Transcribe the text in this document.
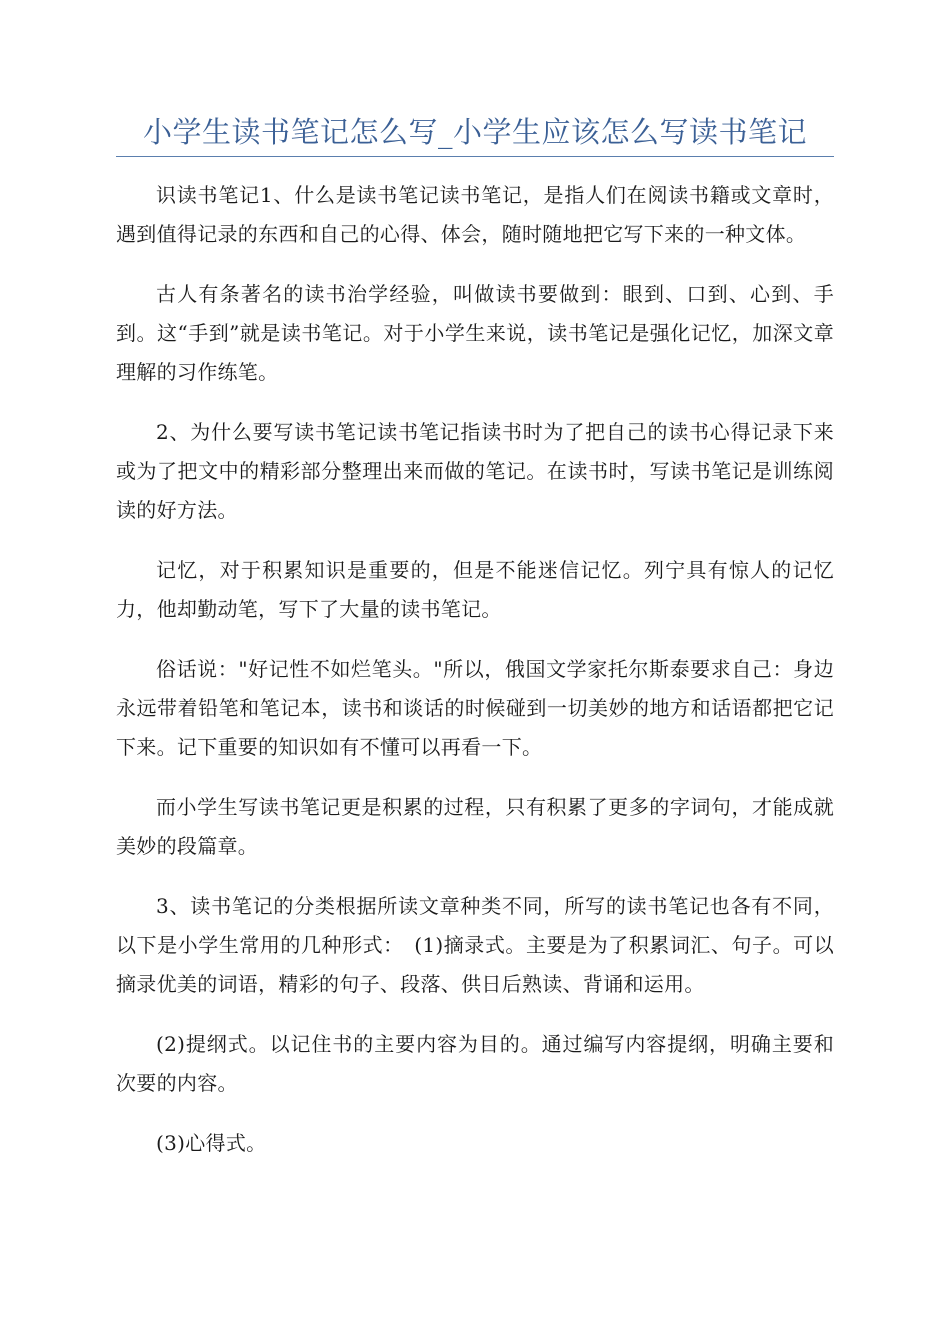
小学生读书笔记怎么写_小学生应该怎么写读书笔记

识读书笔记1、什么是读书笔记读书笔记，是指人们在阅读书籍或文章时，遇到值得记录的东西和自己的心得、体会，随时随地把它写下来的一种文体。

古人有条著名的读书治学经验，叫做读书要做到：眼到、口到、心到、手到。这“手到”就是读书笔记。对于小学生来说，读书笔记是强化记忆，加深文章理解的习作练笔。

2、为什么要写读书笔记读书笔记指读书时为了把自己的读书心得记录下来或为了把文中的精彩部分整理出来而做的笔记。在读书时，写读书笔记是训练阅读的好方法。

记忆，对于积累知识是重要的，但是不能迷信记忆。列宁具有惊人的记忆力，他却勤动笔，写下了大量的读书笔记。

俗话说："好记性不如烂笔头。"所以，俄国文学家托尔斯泰要求自己：身边永远带着铅笔和笔记本，读书和谈话的时候碰到一切美妙的地方和话语都把它记下来。记下重要的知识如有不懂可以再看一下。

而小学生写读书笔记更是积累的过程，只有积累了更多的字词句，才能成就美妙的段篇章。

3、读书笔记的分类根据所读文章种类不同，所写的读书笔记也各有不同，以下是小学生常用的几种形式：　(1)摘录式。主要是为了积累词汇、句子。可以摘录优美的词语，精彩的句子、段落、供日后熟读、背诵和运用。

(2)提纲式。以记住书的主要内容为目的。通过编写内容提纲，明确主要和次要的内容。

(3)心得式。
